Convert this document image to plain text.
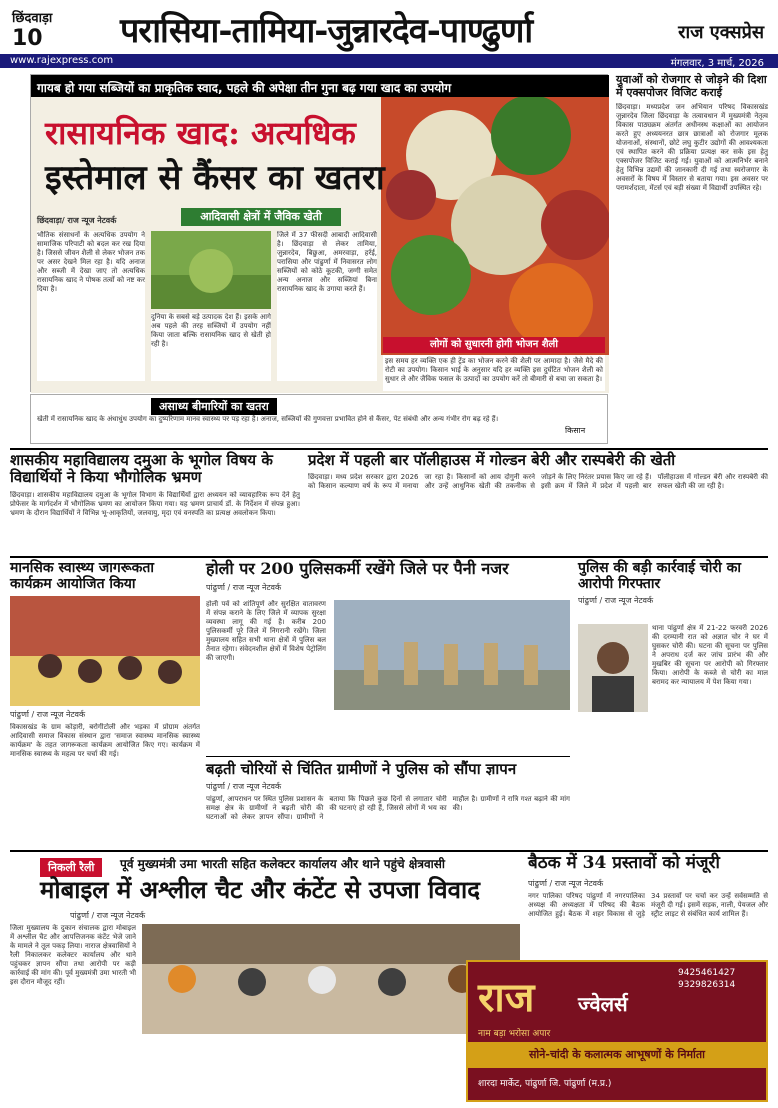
छिंदवाड़ा
10 परासिया-तामिया-जुन्नारदेव-पाण्ढुर्णा	राज एक्सप्रेस
www.rajexpress.com	मंगलवार, 3 मार्च, 2026
गायब हो गया सब्जियों का प्राकृतिक स्वाद, पहले की अपेक्षा तीन गुना बढ़ गया खाद का उपयोग
रासायनिक खाद: अत्यधिक
इस्तेमाल से कैंसर का खतरा
आदिवासी क्षेत्रों में जैविक खेती
छिंदवाड़ा/ राज न्यूज नेटवर्क
भौतिक संसाधनों के अत्यधिक उपयोग ने सामाजिक परिपाटी को बदल कर रख दिया है। जिससे जीवन शैली से लेकर भोजन तक पर असर देखने मिल रहा है। यदि अनाज और सब्जी में देखा जाए तो अत्यधिक रासायनिक खाद ने पोषक तत्वों को नष्ट कर दिया है।
जिले में 37 फीसदी आबादी आदिवासी है। छिंदवाड़ा से लेकर तामिया, जुन्नारदेव, बिछुआ, अमरवाड़ा, हर्रई, परासिया और पांढुर्णा में निवासरत लोग सब्जियों को कोठे कूटकी, जग्गी समेत अन्य अनाज और सब्जियां बिना रासायनिक खाद के उगाया करते हैं।
दुनिया के सबसे बड़े उत्पादक देश हैं। इसके आगे अब पहले की तरह सब्जियों में उपयोग नहीं किया जाता बल्कि रासायनिक खाद से खेती हो रही है।	लोगों को सुधारनी होगी भोजन शैली
इस समय हर व्यक्ति एक ही ट्रेंड का भोजन करने की शैली पर आमादा है। जैसे मैदे की रोटी का उपयोग। किसान भाई के अनुसार यदि हर व्यक्ति इस दुर्घटित भोजन शैली को सुधार ले और जैविक फसल के उत्पादों का उपयोग करें तो बीमारी से बचा जा सकता है।
असाध्य बीमारियों का खतरा
खेती में रासायनिक खाद के अंधाधुंध उपयोग का दुष्परिणाम मानव स्वास्थ्य पर पड़ रहा है। अनाज, सब्जियों की गुणवत्ता प्रभावित होने से कैंसर, पेट संबंधी और अन्य गंभीर रोग बढ़ रहे हैं।
किसान
युवाओं को रोजगार से जोड़ने की दिशा में एक्सपोजर विजिट कराई
छिंदवाड़ा। मध्यप्रदेश जन अभियान परिषद विकासखंड जुन्नारदेव जिला छिंदवाड़ा के तत्वावधान में मुख्यमंत्री नेतृत्व विकास पाठ्यक्रम अंतर्गत अधीनस्थ कक्षाओं का आयोजन करते हुए अध्ययनरत छात्र छात्राओं को रोजगार मूलक योजनाओं, संस्थानों, छोटे लघु कुटीर उद्योगों की आवश्यकता एवं स्थापित करने की प्रक्रिया प्रत्यक्ष कर सके इस हेतु एक्सपोजर विजिट कराई गई। युवाओं को आत्मनिर्भर बनाने हेतु विभिन्न उद्यमों की जानकारी दी गई तथा स्वरोजगार के अवसरों के विषय में विस्तार से बताया गया। इस अवसर पर परामर्शदाता, मेंटर्स एवं बड़ी संख्या में विद्यार्थी उपस्थित रहे।
शासकीय महाविद्यालय दमुआ के भूगोल विषय के विद्यार्थियों ने किया भौगोलिक भ्रमण
छिंदवाड़ा। शासकीय महाविद्यालय दमुआ के भूगोल विभाग के विद्यार्थियों द्वारा अध्ययन को व्यावहारिक रूप देने हेतु प्रोफेसर के मार्गदर्शन में भौगोलिक भ्रमण का आयोजन किया गया। यह भ्रमण प्राचार्य डॉ. के निर्देशन में संपन्न हुआ। भ्रमण के दौरान विद्यार्थियों ने विभिन्न भू-आकृतियों, जलवायु, मृदा एवं वनस्पति का प्रत्यक्ष अवलोकन किया।
प्रदेश में पहली बार पॉलीहाउस में गोल्डन बेरी और रास्पबेरी की खेती
छिंदवाड़ा। मध्य प्रदेश सरकार द्वारा 2026 को किसान कल्याण वर्ष के रूप में मनाया जा रहा है। किसानों को आय दोगुनी करने और उन्हें आधुनिक खेती की तकनीक से जोड़ने के लिए निरंतर प्रयास किए जा रहे हैं। इसी क्रम में जिले में प्रदेश में पहली बार पॉलीहाउस में गोल्डन बेरी और रास्पबेरी की सफल खेती की जा रही है।
मानसिक स्वास्थ्य जागरूकता कार्यक्रम आयोजित किया
पांढुर्णा / राज न्यूज नेटवर्क
विकासखंड के ग्राम कोड़ारी, बरोगीटोली और भड़का में प्रोग्राम अंतर्गत आदिवासी समाज विकास संस्थान द्वारा 'समाज स्वास्थ्य मानसिक स्वास्थ्य कार्यक्रम' के तहत जागरूकता कार्यक्रम आयोजित किए गए। कार्यक्रम में मानसिक स्वास्थ्य के महत्व पर चर्चा की गई।
होली पर 200 पुलिसकर्मी रखेंगे जिले पर पैनी नजर
पांढुर्णा / राज न्यूज नेटवर्क
होली पर्व को शांतिपूर्ण और सुरक्षित वातावरण में संपन्न कराने के लिए जिले में व्यापक सुरक्षा व्यवस्था लागू की गई है। करीब 200 पुलिसकर्मी पूरे जिले में निगरानी रखेंगे। जिला मुख्यालय सहित सभी थाना क्षेत्रों में पुलिस बल तैनात रहेगा। संवेदनशील क्षेत्रों में विशेष पेट्रोलिंग की जाएगी।
पुलिस की बड़ी कार्रवाई चोरी का आरोपी गिरफ्तार
पांढुर्णा / राज न्यूज नेटवर्क
थाना पांढुर्णा क्षेत्र में 21-22 फरवरी 2026 की दरम्यानी रात को अज्ञात चोर ने घर में घुसकर चोरी की। घटना की सूचना पर पुलिस ने अपराध दर्ज कर जांच प्रारंभ की और मुखबिर की सूचना पर आरोपी को गिरफ्तार किया। आरोपी के कब्जे से चोरी का माल बरामद कर न्यायालय में पेश किया गया।
बढ़ती चोरियों से चिंतित ग्रामीणों ने पुलिस को सौंपा ज्ञापन
पांढुर्णा / राज न्यूज नेटवर्क
पांढुर्णा, आपराधन पर स्थित पुलिस प्रशासन के समक्ष क्षेत्र के ग्रामीणों ने बढ़ती चोरी की घटनाओं को लेकर ज्ञापन सौंपा। ग्रामीणों ने बताया कि पिछले कुछ दिनों से लगातार चोरी की घटनाएं हो रही हैं, जिससे लोगों में भय का माहौल है। ग्रामीणों ने रात्रि गश्त बढ़ाने की मांग की।
निकली रैली	पूर्व मुख्यमंत्री उमा भारती सहित कलेक्टर कार्यालय और थाने पहुंचे क्षेत्रवासी
मोबाइल में अश्लील चैट और कंटेंट से उपजा विवाद
पांढुर्णा / राज न्यूज नेटवर्क
जिला मुख्यालय के दुकान संचालक द्वारा मोबाइल में अश्लील चैट और आपत्तिजनक कंटेंट भेजे जाने के मामले ने तूल पकड़ लिया। नाराज क्षेत्रवासियों ने रैली निकालकर कलेक्टर कार्यालय और थाने पहुंचकर ज्ञापन सौंपा तथा आरोपी पर कड़ी कार्रवाई की मांग की। पूर्व मुख्यमंत्री उमा भारती भी इस दौरान मौजूद रहीं।
बैठक में 34 प्रस्तावों को मंजूरी
पांढुर्णा / राज न्यूज नेटवर्क
नगर पालिका परिषद पांढुर्णा में नगरपालिका अध्यक्ष की अध्यक्षता में परिषद की बैठक आयोजित हुई। बैठक में शहर विकास से जुड़े 34 प्रस्तावों पर चर्चा कर उन्हें सर्वसम्मति से मंजूरी दी गई। इसमें सड़क, नाली, पेयजल और स्ट्रीट लाइट से संबंधित कार्य शामिल हैं।
राज ज्वेलर्स
9425461427
9329826314
नाम बड़ा भरोसा अपार
सोने-चांदी के कलात्मक आभूषणों के निर्माता
शारदा मार्केट, पांढुर्णा जि. पांढुर्णा (म.प्र.)
